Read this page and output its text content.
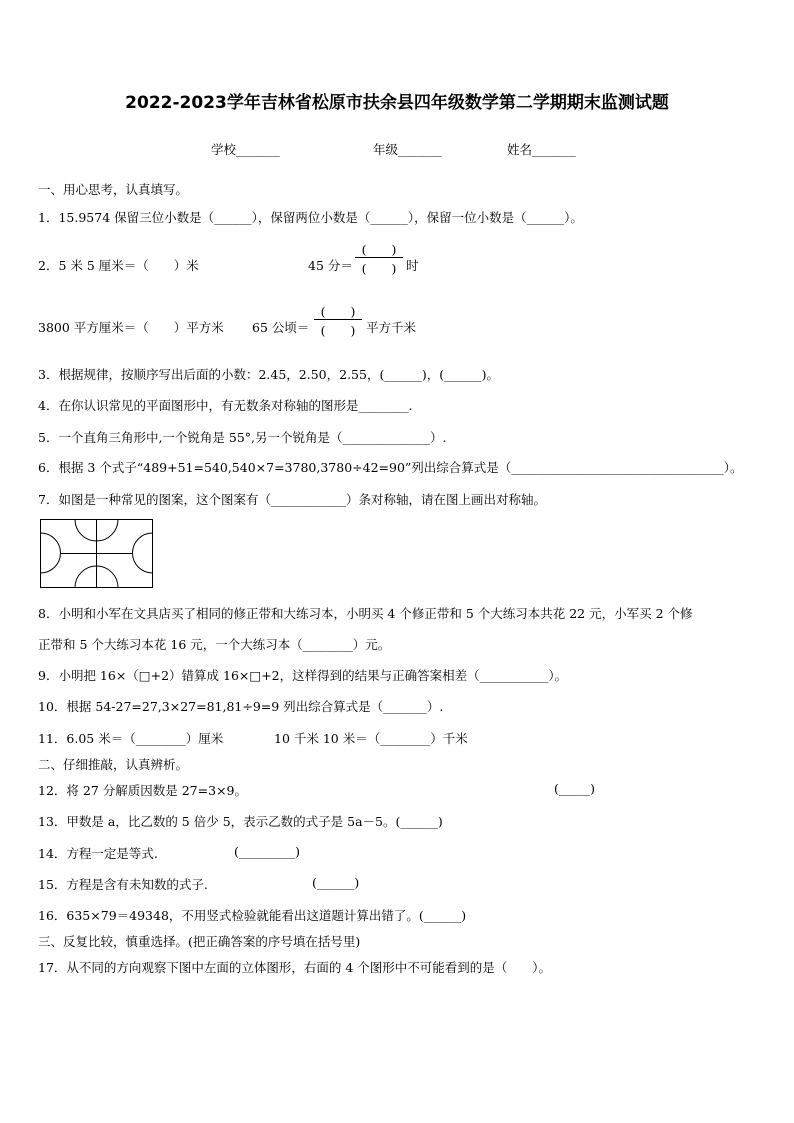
2022-2023学年吉林省松原市扶余县四年级数学第二学期期末监测试题
学校_______	年级_______	姓名_______
一、用心思考，认真填写。
1．15.9574 保留三位小数是（______），保留两位小数是（______），保留一位小数是（______）。
2．5 米 5 厘米＝（　　）米	45 分＝
(　　)
(　　) 时
3800 平方厘米＝（　　）平方米 65 公顷＝
(　　)
(　　) 平方千米
3．根据规律，按顺序写出后面的小数：2.45，2.50，2.55，(______)，(______)。
4．在你认识常见的平面图形中，有无数条对称轴的图形是________.
5．一个直角三角形中,一个锐角是 55°,另一个锐角是（______________）.
6．根据 3 个式子“489+51=540,540×7=3780,3780÷42=90”列出综合算式是（__________________________________）。
7．如图是一种常见的图案，这个图案有（____________）条对称轴，请在图上画出对称轴。
8．小明和小军在文具店买了相同的修正带和大练习本，小明买 4 个修正带和 5 个大练习本共花 22 元，小军买 2 个修
正带和 5 个大练习本花 16 元，一个大练习本（________）元。
9．小明把 16×（□+2）错算成 16×□+2，这样得到的结果与正确答案相差（___________）。
10．根据 54-27=27,3×27=81,81÷9=9 列出综合算式是（_______）.
11．6.05 米＝（________）厘米	10 千米 10 米＝（________）千米
二、仔细推敲，认真辨析。
12．将 27 分解质因数是 27=3×9。	(_____)
13．甲数是 a，比乙数的 5 倍少 5，表示乙数的式子是 5a－5。(______)
14．方程一定是等式.	(_________)
15．方程是含有未知数的式子.	(______)
16．635×79＝49348，不用竖式检验就能看出这道题计算出错了。(______)
三、反复比较，慎重选择。(把正确答案的序号填在括号里)
17．从不同的方向观察下图中左面的立体图形，右面的 4 个图形中不可能看到的是（　　）。
